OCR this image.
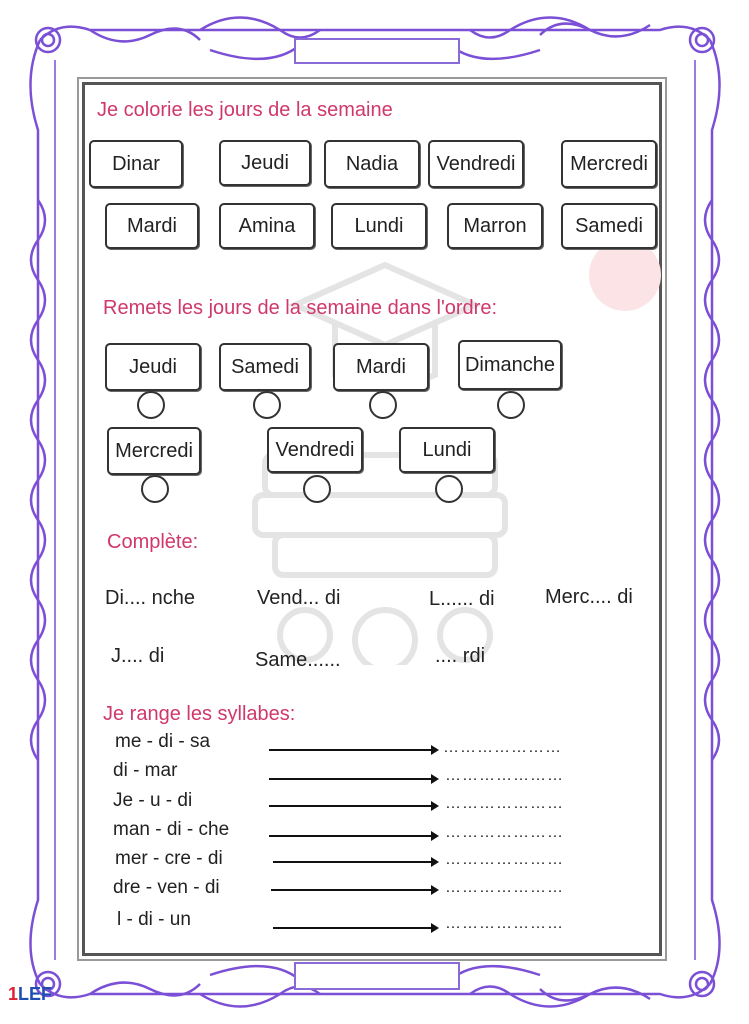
Je colorie les jours de la semaine
Dinar	Jeudi	Nadia	Vendredi	Mercredi
Mardi	Amina	Lundi	Marron	Samedi
Remets les jours de la semaine dans l'ordre:
Jeudi	Samedi	Mardi	Dimanche
Mercredi	Vendredi	Lundi
Complète:
Di.... nche	Vend... di	L...... di	Merc.... di
J.... di	Same......	.... rdi
Je range les syllabes:
me - di - sa	…………………
di - mar	…………………
Je - u - di	…………………
man - di - che	…………………
mer - cre - di	…………………
dre - ven - di	…………………
l - di - un	…………………
1LEF
